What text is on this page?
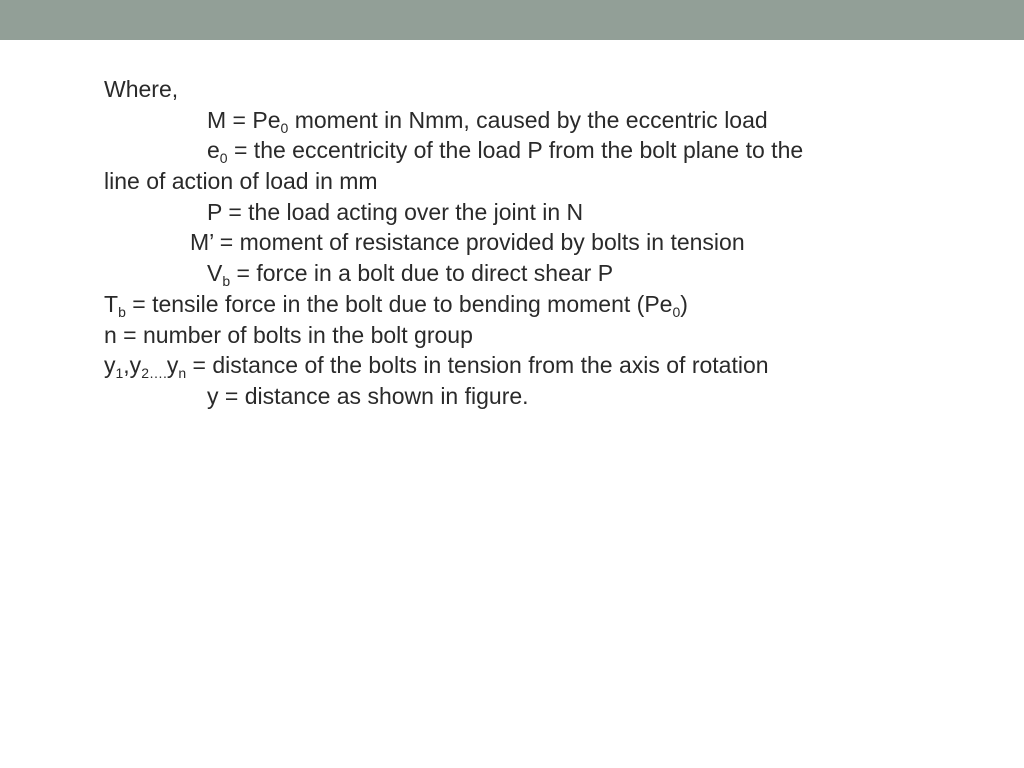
Where,
$M = Pe_0$ moment in Nmm, caused by the eccentric load
$e_0$ = the eccentricity of the load P from the bolt plane to the
line of action of load in mm
P = the load acting over the joint in N
M’ = moment of resistance provided by bolts in tension
$V_b$ = force in a bolt due to direct shear P
$T_b$ = tensile force in the bolt due to bending moment $(Pe_0)$
n = number of bolts in the bolt group
$y_1,y_{2\dots.}y_n$ = distance of the bolts in tension from the axis of rotation
y = distance as shown in figure.
